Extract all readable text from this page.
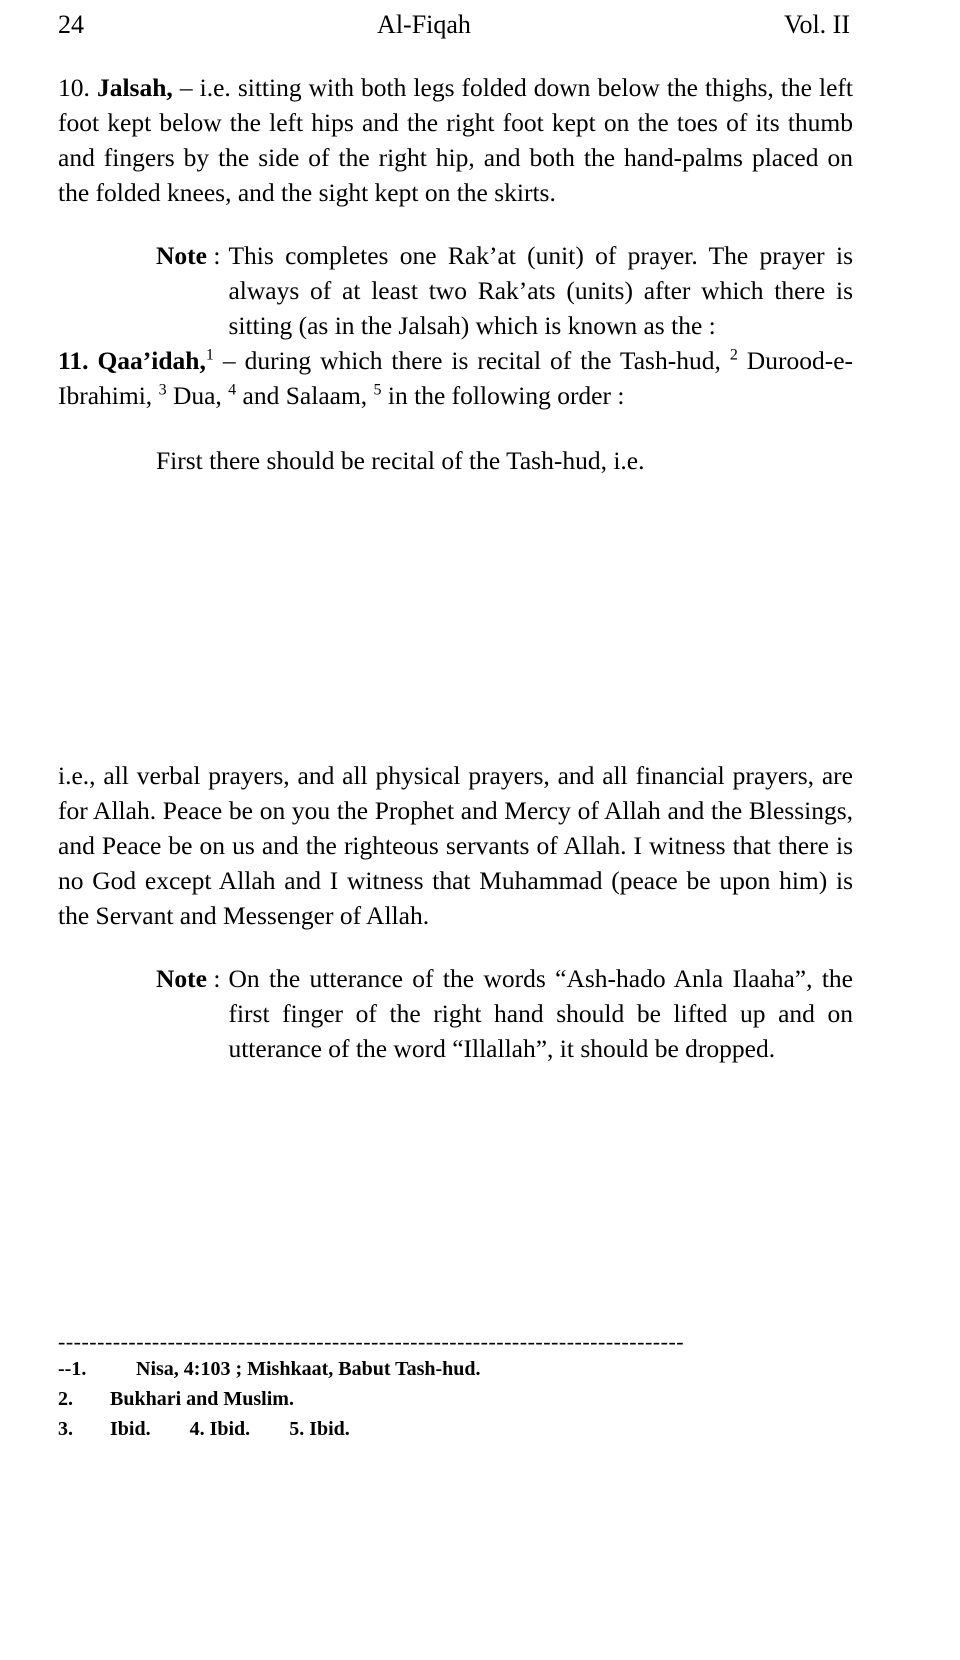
24	Al-Fiqah	Vol. II

10. Jalsah, – i.e. sitting with both legs folded down below the thighs, the left foot kept below the left hips and the right foot kept on the toes of its thumb and fingers by the side of the right hip, and both the hand-palms placed on the folded knees, and the sight kept on the skirts.

Note : This completes one Rak’at (unit) of prayer. The prayer is always of at least two Rak’ats (units) after which there is sitting (as in the Jalsah) which is known as the :

11. Qaa’idah,$^1$ – during which there is recital of the Tash-hud, $^2$ Durood-e-Ibrahimi, $^3$ Dua, $^4$ and Salaam, $^5$ in the following order :

First there should be recital of the Tash-hud, i.e.

i.e., all verbal prayers, and all physical prayers, and all financial prayers, are for Allah. Peace be on you the Prophet and Mercy of Allah and the Blessings, and Peace be on us and the righteous servants of Allah. I witness that there is no God except Allah and I witness that Muhammad (peace be upon him) is the Servant and Messenger of Allah.

Note : On the utterance of the words “Ash-hado Anla Ilaaha”, the first finger of the right hand should be lifted up and on utterance of the word “Illallah”, it should be dropped.
--------------------------------------------------------------------------------
--1.	Nisa, 4:103 ; Mishkaat, Babut Tash-hud.
2.	Bukhari and Muslim.
3.	Ibid. 4. Ibid. 5. Ibid.
